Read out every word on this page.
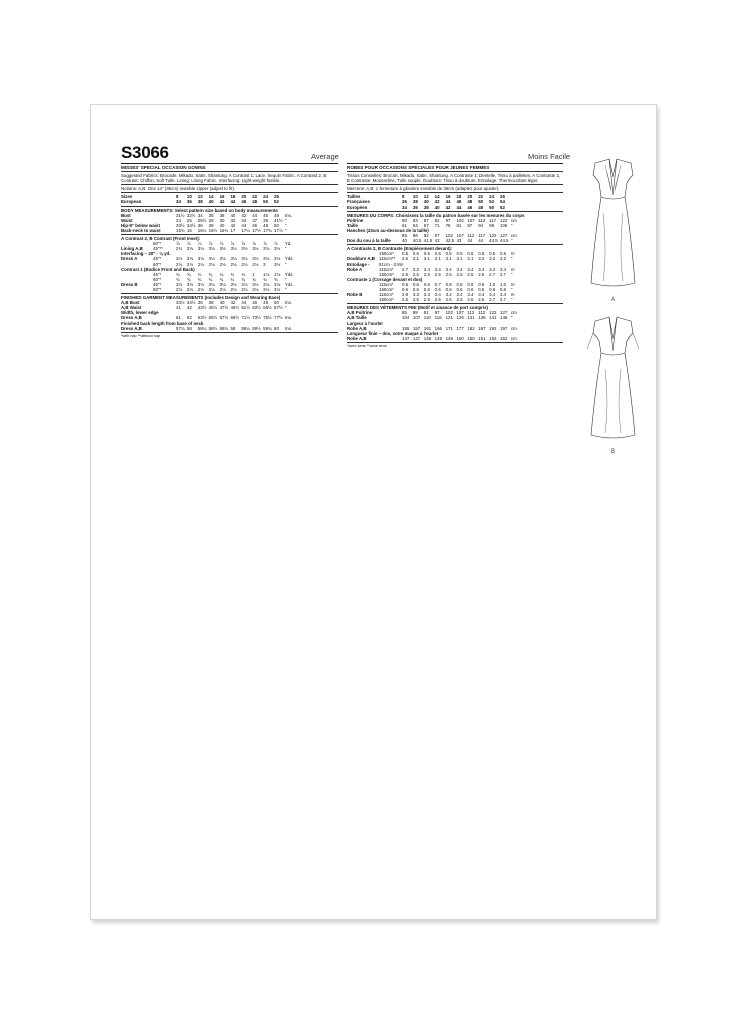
S3066	Average	Moins Facile
MISSES' SPECIAL OCCASION GOWNS
Suggested Fabrics: Brocade, Mikado, Satin, Shantung. A Contrast 1: Lace, Sequin Fabric. A Contrast 2, B Contrast: Chiffon, Soft Tulle. Lining: Lining Fabric. Interfacing: Light-weight fusible.
Notions: A,B: One 14" (36cm) invisible zipper (adjust to fit).
Sizes	8	10	12	14	16	18	20	22	24	26
European	34	36	38	40	42	44	46	48	50	52
BODY MEASUREMENTS: Select pattern size based on body measurements
Bust	31½ 32½ 34	36	38	40	42	44	46	48	Ins.
Waist	24	25	26½ 28	30	32	34	37	39	41½ "
Hip-9" below waist	33½ 34½ 36	38	40	42	44	46	48	50	"
Back-neck to waist	15¾ 16	16¼ 16½ 16¾ 17	17¼ 17½ 17¾ 17⅞ "
A Contrast 2, B Contrast (Front Inset):
60"*	⅞	⅞	⅞	⅞	⅞	⅞	⅞	⅞	⅞	⅞	Yd.
Lining A,B	45"**	2¾	3⅛	3⅛	3⅛	3⅛	3⅛	3⅛	3⅛	3⅛	3⅛	"
Interfacing – 20" · ⅛ yd.
Dress A	45"*	3⅛	3⅛	3⅛	3⅛	3⅛	3⅛	3⅛	3⅛	3⅛	3⅛	Yds.
60"*	2⅛	2⅛	2⅛	2⅛	2⅛	2⅛	2⅛	2⅛	3	3⅛	"
Contrast 1 (Bodice Front and Back)
45"*	¾	¾	¾	¾	¾	¾	¾	1	1⅛	1⅛	Yds.
60"*	¾	¾	¾	¾	¾	¾	¾	¾	¾	¾	"
Dress B	45"*	3⅛	3⅛	3⅛	3⅛	3⅛	3⅛	3⅛	3⅛	3⅛	3⅛	Yds.
60"*	2⅛	2⅛	2⅛	2⅛	2⅛	2⅛	2⅛	2⅛	3⅛	3⅛	"
FINISHED GARMENT MEASUREMENTS (Includes Design and Wearing Ease)
A,B Bust	33½ 34½ 36	38	40	42	44	46	48	50	Ins.
A,B Waist	41	42	43½ 45½ 47½ 49½ 51½ 53½ 55½ 57½ "
Width, lower edge
Dress A,B	61	62	63½ 65½ 67½ 69½ 71½ 73½ 75½ 77½ Ins.
Finished back length from base of neck
Dress A,B	57¾ 58	58¼ 58½ 58¾ 59	59¼ 59½ 59¾ 60	Ins.
*with nap **without nap
ROBES POUR OCCASIONS SPÉCIALES POUR JEUNES FEMMES
Tissus Conseillés: Brocart, Mikado, Satin, Shantung. A Contraste 1: Dentelle, Tissu à paillettes. A Contraste 2, B Contraste: Mousseline, Tulle souple. Doublure: Tissu à doublure. Entoilage: Thermocollant léger.
Mercerie: A,B: 1 fermeture à glissière invisible de 36cm (adaptez pour ajuster).
Tailles	8	10	12	14	16	18	20	22	24	26
Françaises	36	38	40	42	44	46	48	50	52	54
Européen	34	36	38	40	42	44	46	48	50	52
MESURES DU CORPS: Choisissez la taille du patron basée sur les mesures du corps
Poitrine	80	83	87	92	97	102 107 112 117 122 cm
Taille	61	64	67	71	76	81	87	94	99	106 "
Hanches (23cm au-dessous de la taille)
85	88	92	97	102 107 112 117 122 127 cm
Dos du cou à la taille	40	40.5 41.5 42	42.5 43	44	44	44.5 44.5 "
A Contraste 2, B Contraste (Empiècement devant):
150cm*	0.5	0.5	0.5	0.5	0.5	0.5	0.5	0.5	0.5	0.5	m
Doublure A,B 115cm**	2.5	3.1	3.1	3.1	3.1	3.1	3.1	3.2	3.2	3.2	"
Entoilage -	51cm - 0.8m
Robe A	115cm*	2.7	3.3	3.4	3.4	3.4	3.4	3.4	3.4	3.4	3.4	m
150cm*	2.5	2.5	2.5	2.5	2.5	2.5	2.5	2.5	2.7	2.7	"
Contraste 1 (Corsage devant et dos)
115cm*	0.6	0.6	0.6	0.7	0.8	0.8	0.8	0.9	1.0	1.0	m
150cm*	0.6	0.6	0.6	0.6	0.6	0.6	0.6	0.6	0.6	0.6	"
Robe B	115cm*	2.9	3.3	3.3	3.4	3.4	3.4	3.4	3.4	3.4	3.4	m
150cm*	2.5	2.5	2.5	2.5	2.5	2.5	2.5	2.5	2.7	2.7	"
MESURES DES VÊTEMENTS FINI (Motif et aisance de port compris)
A,B Poitrine	85	88	91	97	102 107 112 112 122 127 cm
A,B Taille	104 107 110 116 121 126 131 136 141 146 "
Largeur à l'ourlet
Robe A,B	155 157 161 166 171 177 182 187 192 197 cm
Longueur finie – dos, votre maque à l'ourlet
Robe A,B	147 147 148 149 149 150 150 151 152 152 cm
*avec sens **sans sens
A
B
